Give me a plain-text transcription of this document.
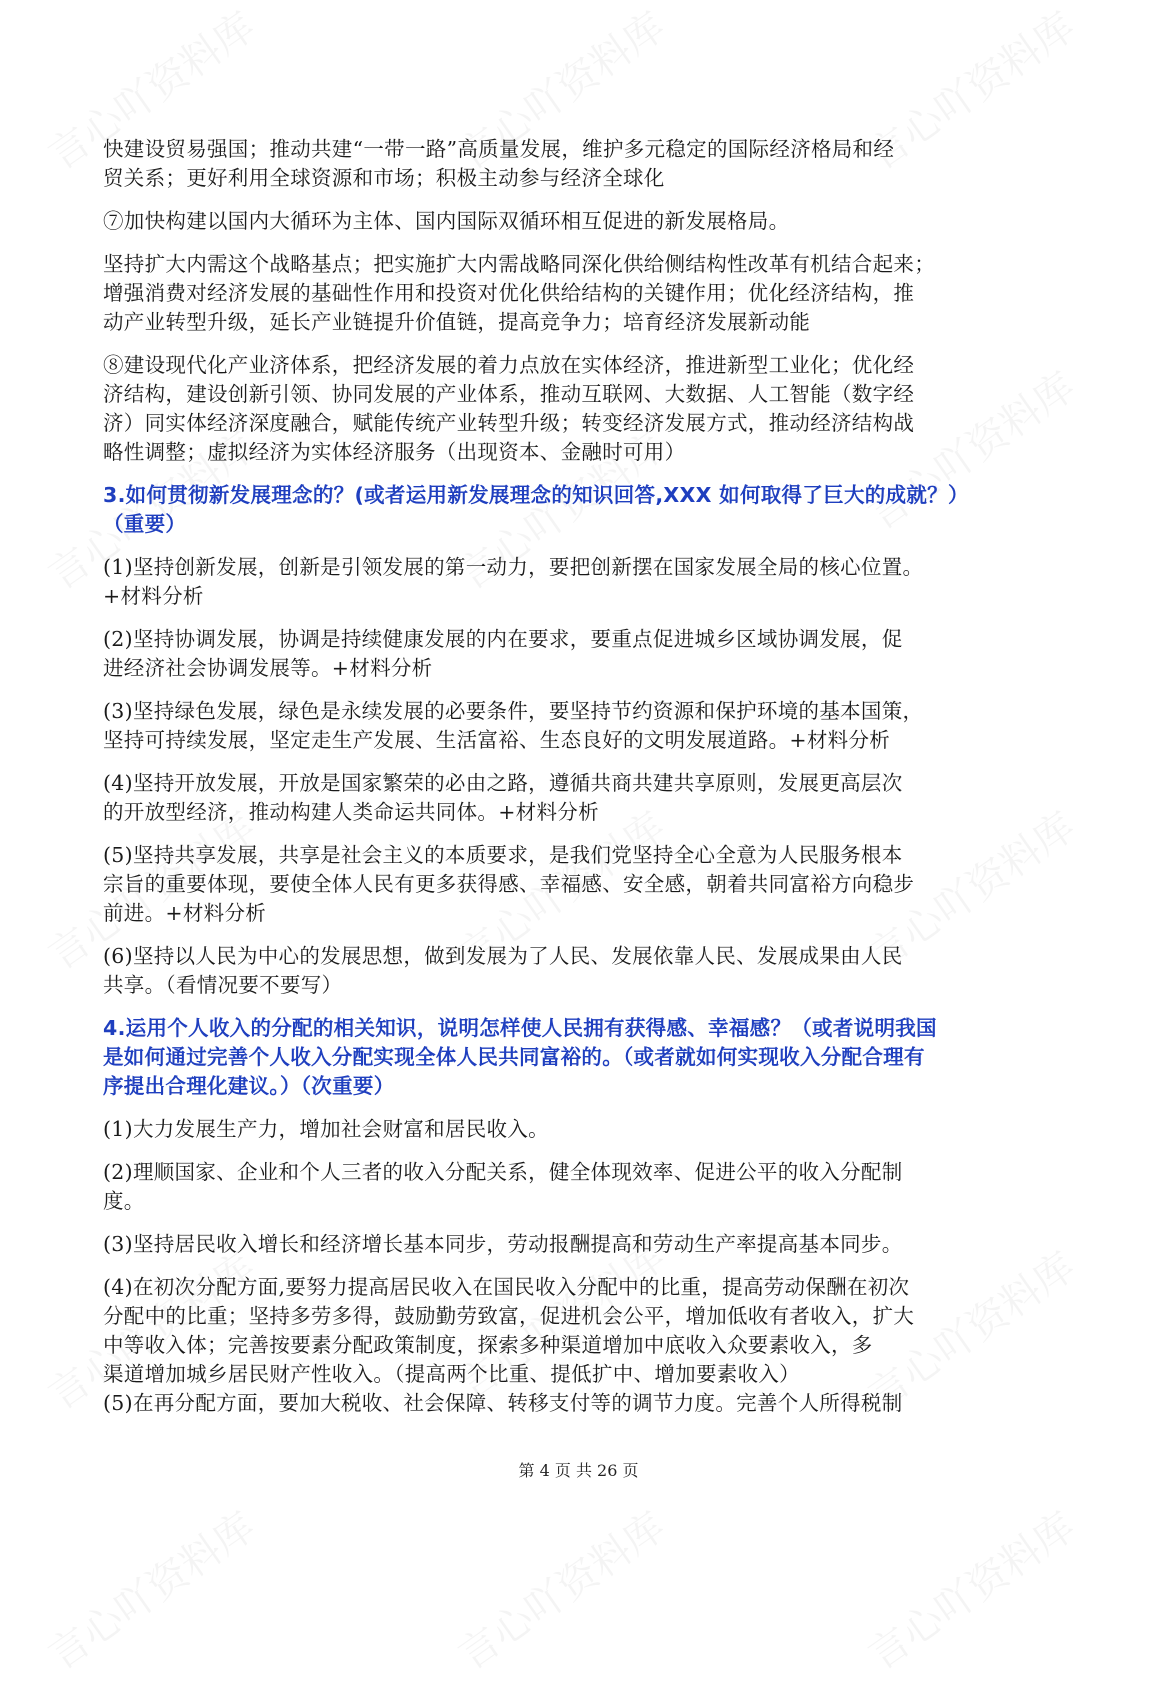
快建设贸易强国；推动共建“一带一路”高质量发展，维护多元稳定的国际经济格局和经
贸关系；更好利用全球资源和市场；积极主动参与经济全球化
⑦加快构建以国内大循环为主体、国内国际双循环相互促进的新发展格局。
坚持扩大内需这个战略基点；把实施扩大内需战略同深化供给侧结构性改革有机结合起来；
增强消费对经济发展的基础性作用和投资对优化供给结构的关键作用；优化经济结构，推
动产业转型升级，延长产业链提升价值链，提高竞争力；培育经济发展新动能
⑧建设现代化产业济体系，把经济发展的着力点放在实体经济，推进新型工业化；优化经
济结构，建设创新引领、协同发展的产业体系，推动互联网、大数据、人工智能（数字经
济）同实体经济深度融合，赋能传统产业转型升级；转变经济发展方式，推动经济结构战
略性调整；虚拟经济为实体经济服务（出现资本、金融时可用）
3.如何贯彻新发展理念的？(或者运用新发展理念的知识回答,XXX 如何取得了巨大的成就？）
（重要）
(1)坚持创新发展，创新是引领发展的第一动力，要把创新摆在国家发展全局的核心位置。
+材料分析
(2)坚持协调发展，协调是持续健康发展的内在要求，要重点促进城乡区域协调发展，促
进经济社会协调发展等。+材料分析
(3)坚持绿色发展，绿色是永续发展的必要条件，要坚持节约资源和保护环境的基本国策，
坚持可持续发展，坚定走生产发展、生活富裕、生态良好的文明发展道路。+材料分析
(4)坚持开放发展，开放是国家繁荣的必由之路，遵循共商共建共享原则，发展更高层次
的开放型经济，推动构建人类命运共同体。+材料分析
(5)坚持共享发展，共享是社会主义的本质要求，是我们党坚持全心全意为人民服务根本
宗旨的重要体现，要使全体人民有更多获得感、幸福感、安全感，朝着共同富裕方向稳步
前进。+材料分析
(6)坚持以人民为中心的发展思想，做到发展为了人民、发展依靠人民、发展成果由人民
共享。（看情况要不要写）
4.运用个人收入的分配的相关知识，说明怎样使人民拥有获得感、幸福感？（或者说明我国
是如何通过完善个人收入分配实现全体人民共同富裕的。（或者就如何实现收入分配合理有
序提出合理化建议。）（次重要）
(1)大力发展生产力，增加社会财富和居民收入。
(2)理顺国家、企业和个人三者的收入分配关系，健全体现效率、促进公平的收入分配制
度。
(3)坚持居民收入增长和经济增长基本同步，劳动报酬提高和劳动生产率提高基本同步。
(4)在初次分配方面,要努力提高居民收入在国民收入分配中的比重，提高劳动保酬在初次
分配中的比重；坚持多劳多得，鼓励勤劳致富，促进机会公平，增加低收有者收入，扩大
中等收入体；完善按要素分配政策制度，探索多种渠道增加中底收入众要素收入，多
渠道增加城乡居民财产性收入。（提高两个比重、提低扩中、增加要素收入）
(5)在再分配方面，要加大税收、社会保障、转移支付等的调节力度。完善个人所得税制
第 4 页 共 26 页
